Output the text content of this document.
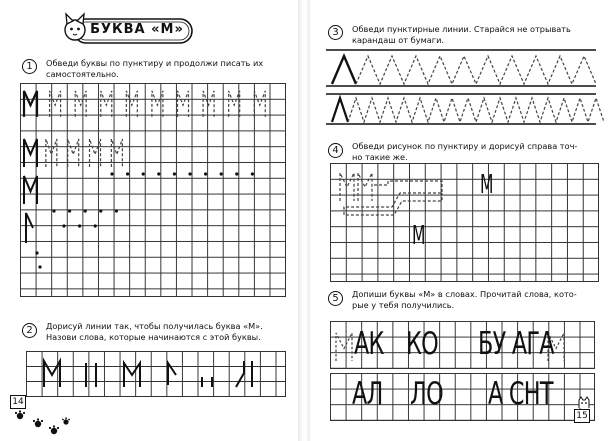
БУКВА «М»
1	Обведи буквы по пунктиру и продолжи писать их
самостоятельно.
2	Дорисуй линии так, чтобы получилась буква «М».
Назови слова, которые начинаются с этой буквы.
14
3	Обведи пунктирные линии. Старайся не отрывать
карандаш от бумаги.
4	Обведи рисунок по пунктиру и дорисуй справа точ-
но такие же.
М
М
5	Допиши буквы «М» в словах. Прочитай слова, кото-
рые у тебя получились.
АК КО БУ АГА
АЛ ЛО А СНТ
15
